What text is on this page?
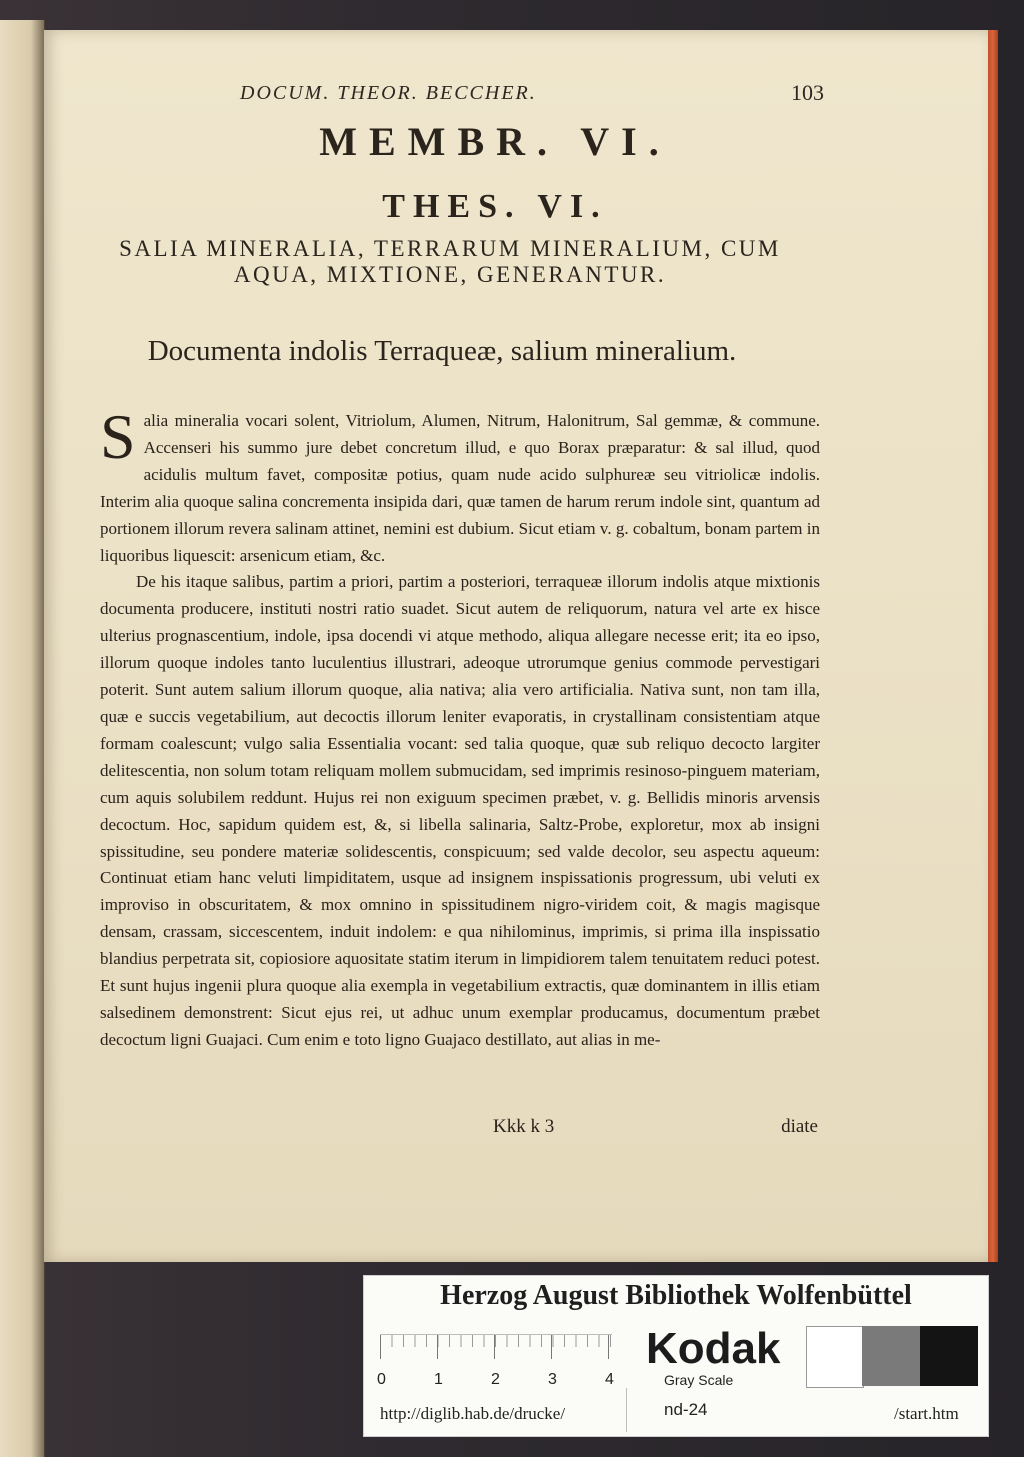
DOCUM. THEOR. BECCHER.	103
MEMBR. VI.
THES. VI.
SALIA MINERALIA, TERRARUM MINERALIUM, CUM AQUA, MIXTIONE, GENERANTUR.
Documenta indolis Terraqueæ, salium mineralium.

Salia mineralia vocari solent, Vitriolum, Alumen, Nitrum, Halonitrum, Sal gemmæ, & commune. Accenseri his summo jure debet concretum illud, e quo Borax præparatur: & sal illud, quod acidulis multum favet, compositæ potius, quam nude acido sulphureæ seu vitriolicæ indolis. Interim alia quoque salina concrementa insipida dari, quæ tamen de harum rerum indole sint, quantum ad portionem illorum revera salinam attinet, nemini est dubium. Sicut etiam v. g. cobaltum, bonam partem in liquoribus liquescit: arsenicum etiam, &c.

De his itaque salibus, partim a priori, partim a posteriori, terraqueæ illorum indolis atque mixtionis documenta producere, instituti nostri ratio suadet. Sicut autem de reliquorum, natura vel arte ex hisce ulterius prognascentium, indole, ipsa docendi vi atque methodo, aliqua allegare necesse erit; ita eo ipso, illorum quoque indoles tanto luculentius illustrari, adeoque utrorumque genius commode pervestigari poterit. Sunt autem salium illorum quoque, alia nativa; alia vero artificialia. Nativa sunt, non tam illa, quæ e succis vegetabilium, aut decoctis illorum leniter evaporatis, in crystallinam consistentiam atque formam coalescunt; vulgo salia Essentialia vocant: sed talia quoque, quæ sub reliquo decocto largiter delitescentia, non solum totam reliquam mollem submucidam, sed imprimis resinoso-pinguem materiam, cum aquis solubilem reddunt. Hujus rei non exiguum specimen præbet, v. g. Bellidis minoris arvensis decoctum. Hoc, sapidum quidem est, &, si libella salinaria, Saltz-Probe, exploretur, mox ab insigni spissitudine, seu pondere materiæ solidescentis, conspicuum; sed valde decolor, seu aspectu aqueum: Continuat etiam hanc veluti limpiditatem, usque ad insignem inspissationis progressum, ubi veluti ex improviso in obscuritatem, & mox omnino in spissitudinem nigro-viridem coit, & magis magisque densam, crassam, siccescentem, induit indolem: e qua nihilominus, imprimis, si prima illa inspissatio blandius perpetrata sit, copiosiore aquositate statim iterum in limpidiorem talem tenuitatem reduci potest. Et sunt hujus ingenii plura quoque alia exempla in vegetabilium extractis, quæ dominantem in illis etiam salsedinem demonstrent: Sicut ejus rei, ut adhuc unum exemplar producamus, documentum præbet decoctum ligni Guajaci. Cum enim e toto ligno Guajaco destillato, aut alias in me-

Kkk k 3	diate
Herzog August Bibliothek Wolfenbüttel
0	1	2	3	4
Kodak
Gray Scale
http://diglib.hab.de/drucke/	nd-24	/start.htm
